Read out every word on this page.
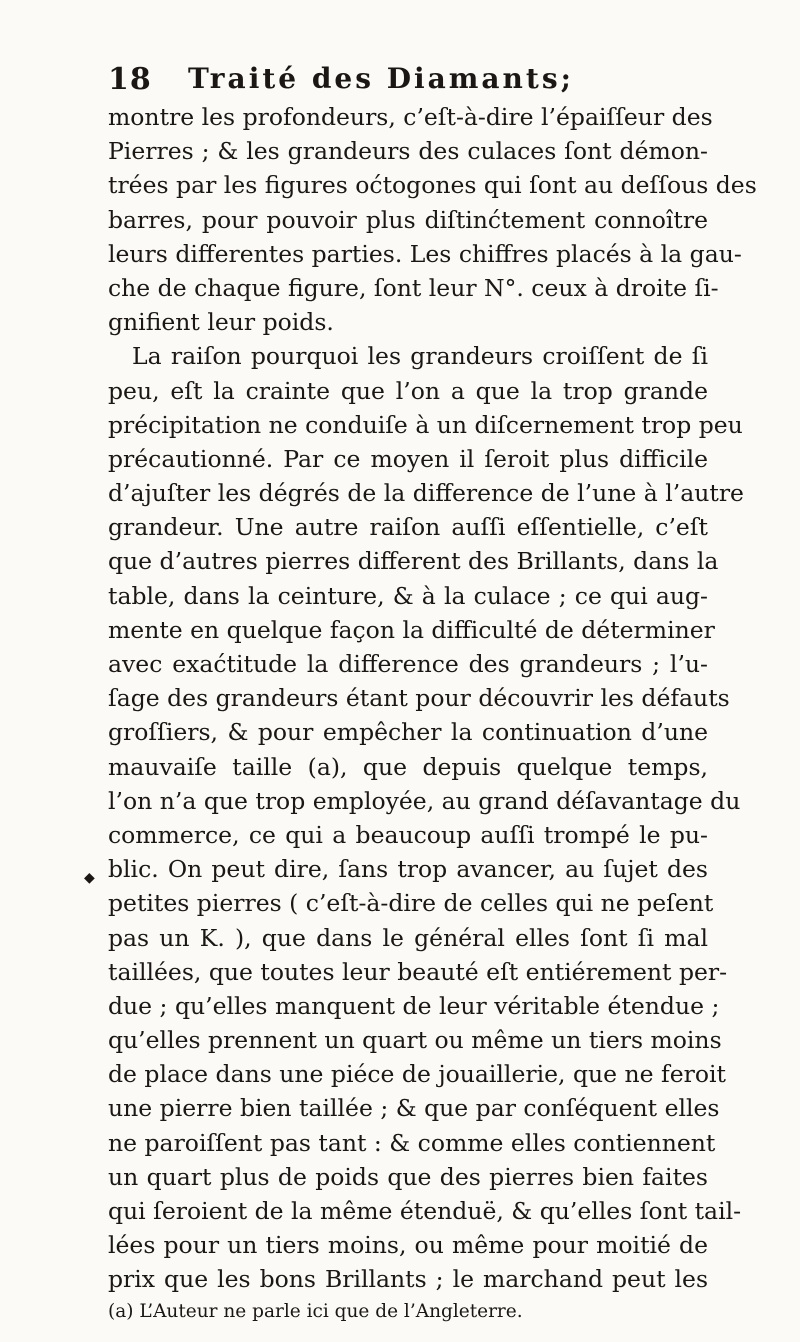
18 Traité des Diamants;
montre les profondeurs, c’eſt-à-dire l’épaiſſeur des
Pierres ; & les grandeurs des culaces ſont démon-
trées par les figures oćtogones qui ſont au deſſous des
barres, pour pouvoir plus diſtinćtement connoître
leurs differentes parties. Les chiffres placés à la gau-
che de chaque figure, ſont leur N°. ceux à droite ſi-
gnifient leur poids.
La raiſon pourquoi les grandeurs croiſſent de ſi
peu, eſt la crainte que l’on a que la trop grande
précipitation ne conduiſe à un diſcernement trop peu
précautionné. Par ce moyen il ſeroit plus difficile
d’ajuſter les dégrés de la difference de l’une à l’autre
grandeur. Une autre raiſon auſſi eſſentielle, c’eſt
que d’autres pierres different des Brillants, dans la
table, dans la ceinture, & à la culace ; ce qui aug-
mente en quelque façon la difficulté de déterminer
avec exaćtitude la difference des grandeurs ; l’u-
ſage des grandeurs étant pour découvrir les défauts
groſſiers, & pour empêcher la continuation d’une
mauvaiſe taille (a), que depuis quelque temps,
l’on n’a que trop employée, au grand déſavantage du
commerce, ce qui a beaucoup auſſi trompé le pu-
blic. On peut dire, ſans trop avancer, au ſujet des
petites pierres ( c’eſt-à-dire de celles qui ne peſent
pas un K. ), que dans le général elles ſont ſi mal
taillées, que toutes leur beauté eſt entiérement per-
due ; qu’elles manquent de leur véritable étendue ;
qu’elles prennent un quart ou même un tiers moins
de place dans une piéce de jouaillerie, que ne feroit
une pierre bien taillée ; & que par conſéquent elles
ne paroiſſent pas tant : & comme elles contiennent
un quart plus de poids que des pierres bien faites
qui ſeroient de la même étenduë, & qu’elles ſont tail-
lées pour un tiers moins, ou même pour moitié de
prix que les bons Brillants ; le marchand peut les
(a) L’Auteur ne parle ici que de l’Angleterre.
◆
